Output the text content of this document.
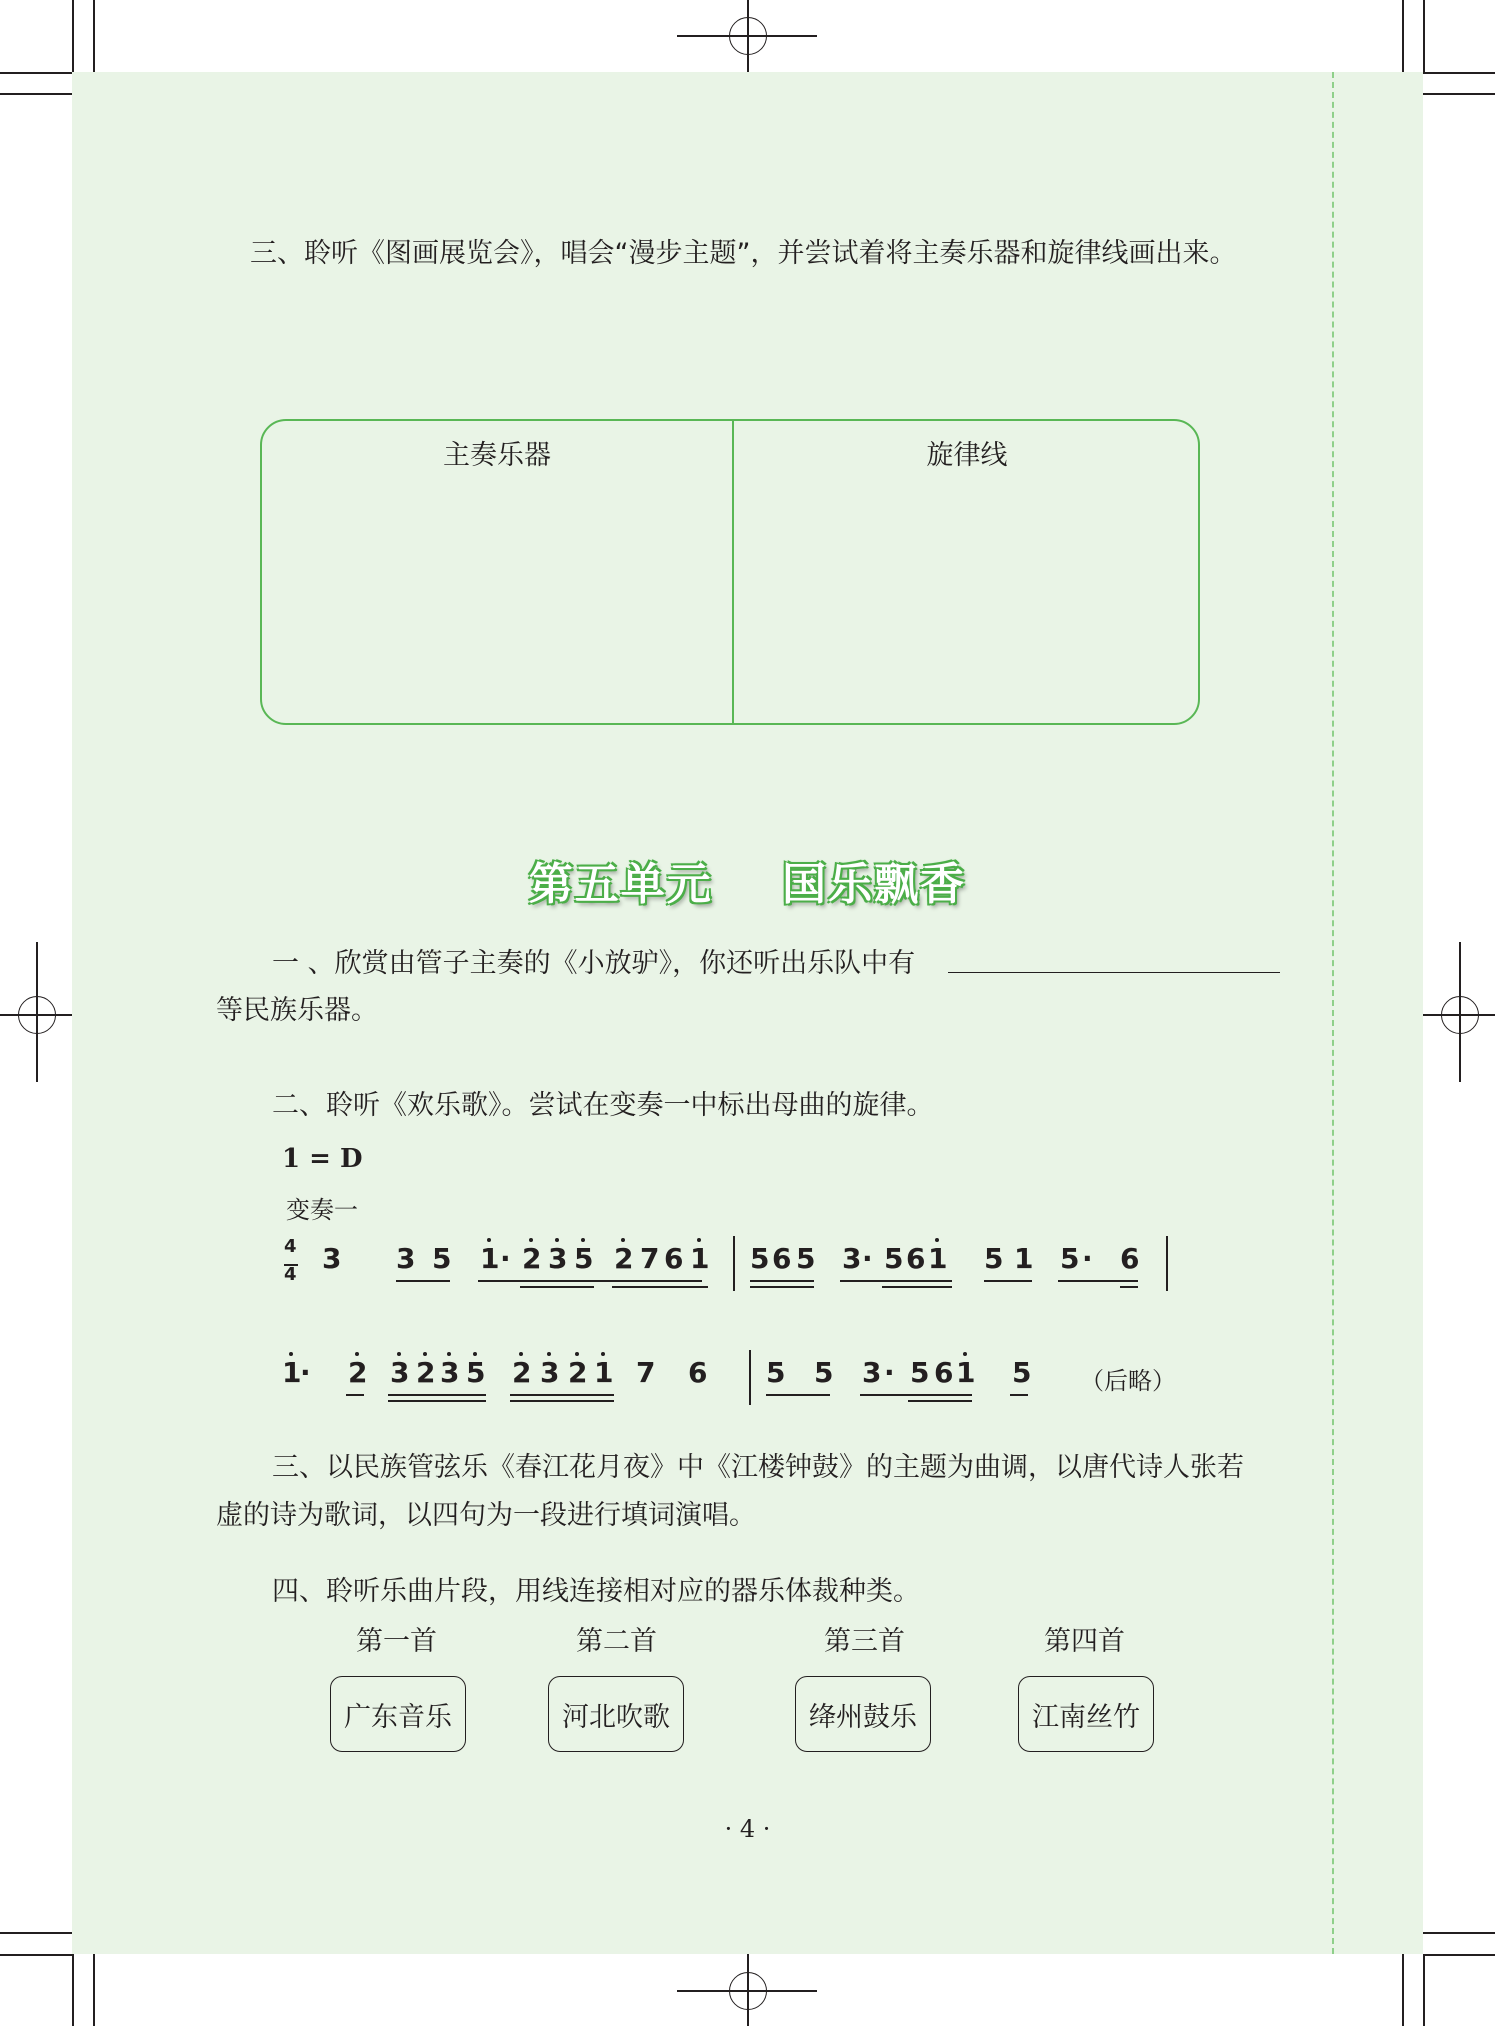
三、聆听《图画展览会》，唱会“漫步主题”，并尝试着将主奏乐器和旋律线画出来。
主奏乐器	旋律线
第五单元    国乐飘香
一 、欣赏由管子主奏的《小放驴》，你还听出乐队中有
等民族乐器。
二、聆听《欢乐歌》。尝试在变奏一中标出母曲的旋律。
1 = D
变奏一
4
4
（后略）
三、以民族管弦乐《春江花月夜》中《江楼钟鼓》的主题为曲调，以唐代诗人张若
虚的诗为歌词，以四句为一段进行填词演唱。
四、聆听乐曲片段，用线连接相对应的器乐体裁种类。
第一首	第二首	第三首	第四首
广东音乐	河北吹歌	绛州鼓乐	江南丝竹
· 4 ·
3 3 5 1 · 2 3 5 2 7 6 1 5 6 5 3 · 5 6 1 5 1 5 · 6
1
· 2 3 2 3 5 2 3 2 1 7 6 5 5 3 · 5 6 1 5
